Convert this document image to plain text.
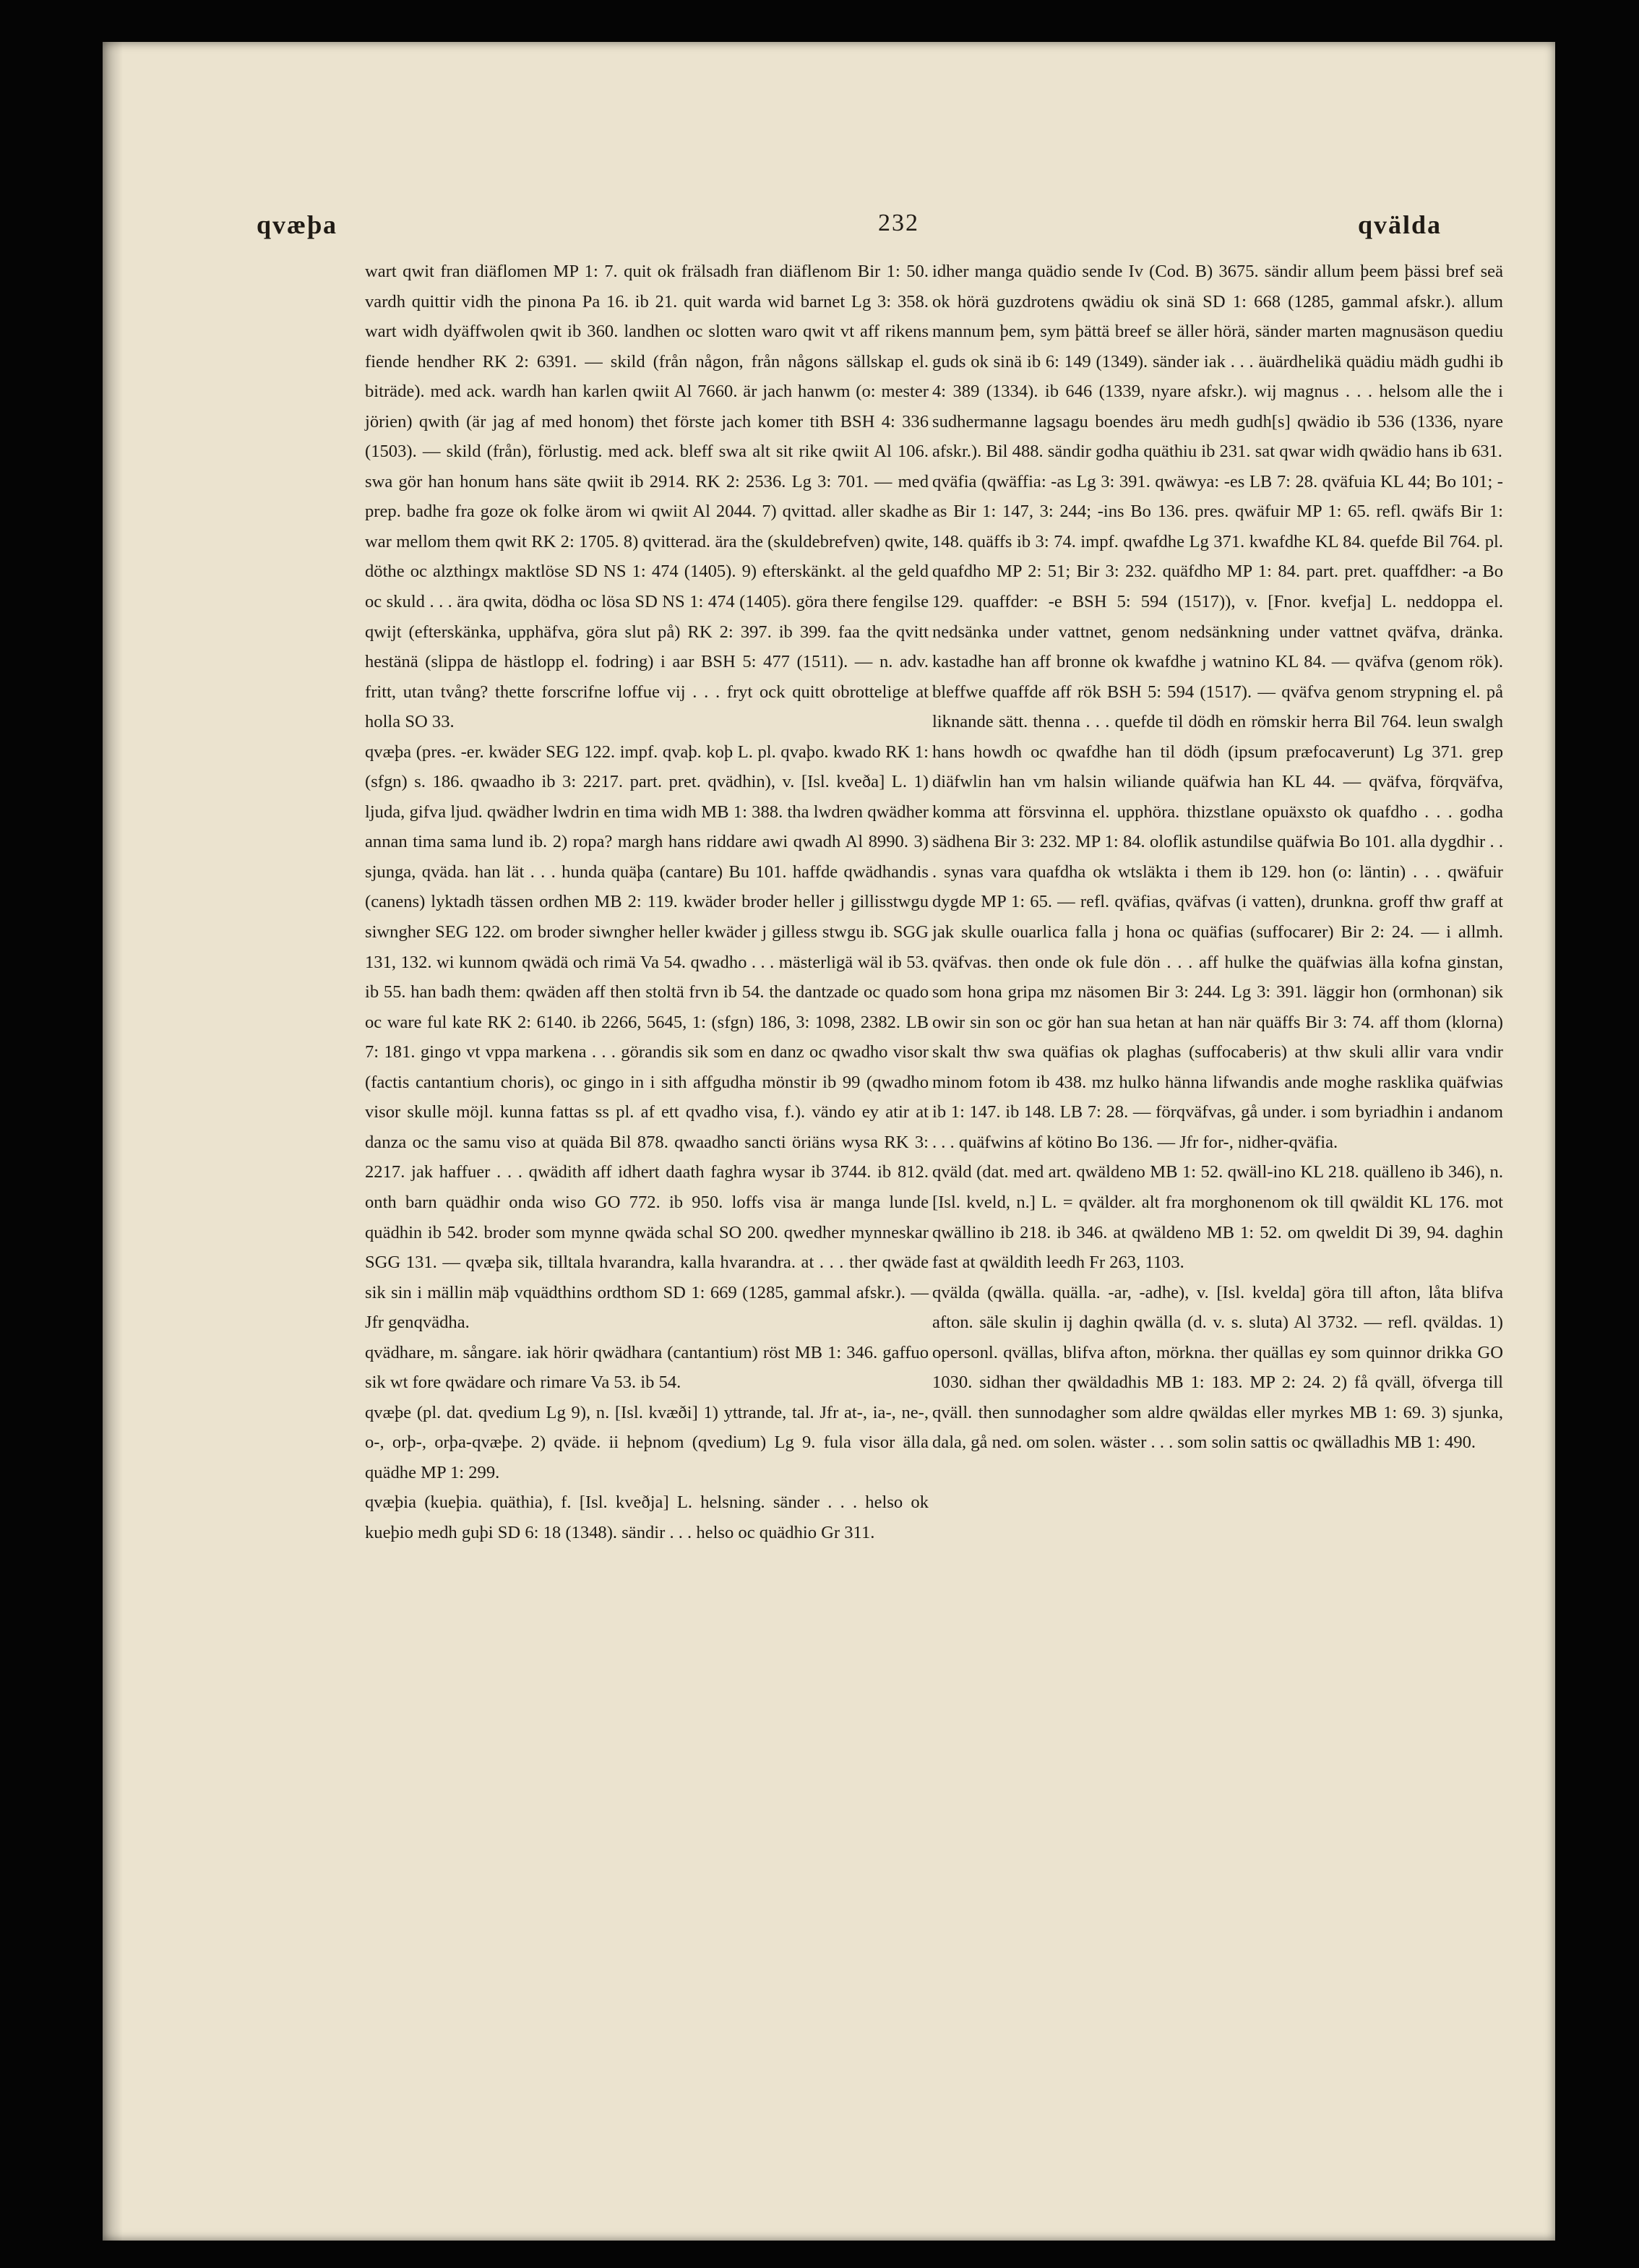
qvæþa	232	qvälda

wart qwit fran diäflomen MP 1: 7. quit ok frälsadh fran diäflenom Bir 1: 50. vardh quittir vidh the pinona Pa 16. ib 21. quit warda wid barnet Lg 3: 358. wart widh dyäffwolen qwit ib 360. landhen oc slotten waro qwit vt aff rikens fiende hendher RK 2: 6391. — skild (från någon, från någons sällskap el. biträde). med ack. wardh han karlen qwiit Al 7660. är jach hanwm (o: mester jörien) qwith (är jag af med honom) thet förste jach komer tith BSH 4: 336 (1503). — skild (från), förlustig. med ack. bleff swa alt sit rike qwiit Al 106. swa gör han honum hans säte qwiit ib 2914. RK 2: 2536. Lg 3: 701. — med prep. badhe fra goze ok folke ärom wi qwiit Al 2044. 7) qvittad. aller skadhe war mellom them qwit RK 2: 1705. 8) qvitterad. ära the (skuldebrefven) qwite, döthe oc alzthingx maktlöse SD NS 1: 474 (1405). 9) efterskänkt. al the geld oc skuld . . . ära qwita, dödha oc lösa SD NS 1: 474 (1405). göra there fengilse qwijt (efterskänka, upphäfva, göra slut på) RK 2: 397. ib 399. faa the qvitt hestänä (slippa de hästlopp el. fodring) i aar BSH 5: 477 (1511). — n. adv. fritt, utan tvång? thette forscrifne loffue vij . . . fryt ock quitt obrottelige at holla SO 33.

qvæþa (pres. -er. kwäder SEG 122. impf. qvaþ. koþ L. pl. qvaþo. kwado RK 1: (sfgn) s. 186. qwaadho ib 3: 2217. part. pret. qvädhin), v. [Isl. kveða] L. 1) ljuda, gifva ljud. qwädher lwdrin en tima widh MB 1: 388. tha lwdren qwädher annan tima sama lund ib. 2) ropa? margh hans riddare awi qwadh Al 8990. 3) sjunga, qväda. han lät . . . hunda quäþa (cantare) Bu 101. haffde qwädhandis (canens) lyktadh tässen ordhen MB 2: 119. kwäder broder heller j gillisstwgu siwngher SEG 122. om broder siwngher heller kwäder j gilless stwgu ib. SGG 131, 132. wi kunnom qwädä och rimä Va 54. qwadho . . . mästerligä wäl ib 53. ib 55. han badh them: qwäden aff then stoltä frvn ib 54. the dantzade oc quado oc ware ful kate RK 2: 6140. ib 2266, 5645, 1: (sfgn) 186, 3: 1098, 2382. LB 7: 181. gingo vt vppa markena . . . görandis sik som en danz oc qwadho visor (factis cantantium choris), oc gingo in i sith affgudha mönstir ib 99 (qwadho visor skulle möjl. kunna fattas ss pl. af ett qvadho visa, f.). vändo ey atir at danza oc the samu viso at quäda Bil 878. qwaadho sancti öriäns wysa RK 3: 2217. jak haffuer . . . qwädith aff idhert daath faghra wysar ib 3744. ib 812. onth barn quädhir onda wiso GO 772. ib 950. loffs visa är manga lunde quädhin ib 542. broder som mynne qwäda schal SO 200. qwedher mynneskar SGG 131. — qvæþa sik, tilltala hvarandra, kalla hvarandra. at . . . ther qwäde sik sin i mällin mäþ vquädthins ordthom SD 1: 669 (1285, gammal afskr.). — Jfr genqvädha.

qvädhare, m. sångare. iak hörir qwädhara (cantantium) röst MB 1: 346. gaffuo sik wt fore qwädare och rimare Va 53. ib 54.

qvæþe (pl. dat. qvedium Lg 9), n. [Isl. kvæði] 1) yttrande, tal. Jfr at-, ia-, ne-, o-, orþ-, orþa-qvæþe. 2) qväde. ii heþnom (qvedium) Lg 9. fula visor älla quädhe MP 1: 299.

qvæþia (kueþia. quäthia), f. [Isl. kveðja] L. helsning. sänder . . . helso ok kueþio medh guþi SD 6: 18 (1348). sändir . . . helso oc quädhio Gr 311.

idher manga quädio sende Iv (Cod. B) 3675. sändir allum þeem þässi bref seä ok hörä guzdrotens qwädiu ok sinä SD 1: 668 (1285, gammal afskr.). allum mannum þem, sym þättä breef se äller hörä, sänder marten magnusäson quediu guds ok sinä ib 6: 149 (1349). sänder iak . . . äuärdhelikä quädiu mädh gudhi ib 4: 389 (1334). ib 646 (1339, nyare afskr.). wij magnus . . . helsom alle the i sudhermanne lagsagu boendes äru medh gudh[s] qwädio ib 536 (1336, nyare afskr.). Bil 488. sändir godha quäthiu ib 231. sat qwar widh qwädio hans ib 631.

qväfia (qwäffia: -as Lg 3: 391. qwäwya: -es LB 7: 28. qväfuia KL 44; Bo 101; -as Bir 1: 147, 3: 244; -ins Bo 136. pres. qwäfuir MP 1: 65. refl. qwäfs Bir 1: 148. quäffs ib 3: 74. impf. qwafdhe Lg 371. kwafdhe KL 84. quefde Bil 764. pl. quafdho MP 2: 51; Bir 3: 232. quäfdho MP 1: 84. part. pret. quaffdher: -a Bo 129. quaffder: -e BSH 5: 594 (1517)), v. [Fnor. kvefja] L. neddoppa el. nedsänka under vattnet, genom nedsänkning under vattnet qväfva, dränka. kastadhe han aff bronne ok kwafdhe j watnino KL 84. — qväfva (genom rök). bleffwe quaffde aff rök BSH 5: 594 (1517). — qväfva genom strypning el. på liknande sätt. thenna . . . quefde til dödh en römskir herra Bil 764. leun swalgh hans howdh oc qwafdhe han til dödh (ipsum præfocaverunt) Lg 371. grep diäfwlin han vm halsin wiliande quäfwia han KL 44. — qväfva, förqväfva, komma att försvinna el. upphöra. thizstlane opuäxsto ok quafdho . . . godha sädhena Bir 3: 232. MP 1: 84. oloflik astundilse quäfwia Bo 101. alla dygdhir . . . synas vara quafdha ok wtsläkta i them ib 129. hon (o: läntin) . . . qwäfuir dygde MP 1: 65. — refl. qväfias, qväfvas (i vatten), drunkna. groff thw graff at jak skulle ouarlica falla j hona oc quäfias (suffocarer) Bir 2: 24. — i allmh. qväfvas. then onde ok fule dön . . . aff hulke the quäfwias älla kofna ginstan, som hona gripa mz näsomen Bir 3: 244. Lg 3: 391. läggir hon (ormhonan) sik owir sin son oc gör han sua hetan at han när quäffs Bir 3: 74. aff thom (klorna) skalt thw swa quäfias ok plaghas (suffocaberis) at thw skuli allir vara vndir minom fotom ib 438. mz hulko hänna lifwandis ande moghe rasklika quäfwias ib 1: 147. ib 148. LB 7: 28. — förqväfvas, gå under. i som byriadhin i andanom . . . quäfwins af kötino Bo 136. — Jfr for-, nidher-qväfia.

qväld (dat. med art. qwäldeno MB 1: 52. qwäll-ino KL 218. quälleno ib 346), n. [Isl. kveld, n.] L. = qvälder. alt fra morghonenom ok till qwäldit KL 176. mot qwällino ib 218. ib 346. at qwäldeno MB 1: 52. om qweldit Di 39, 94. daghin fast at qwäldith leedh Fr 263, 1103.

qvälda (qwälla. quälla. -ar, -adhe), v. [Isl. kvelda] göra till afton, låta blifva afton. säle skulin ij daghin qwälla (d. v. s. sluta) Al 3732. — refl. qväldas. 1) opersonl. qvällas, blifva afton, mörkna. ther quällas ey som quinnor drikka GO 1030. sidhan ther qwäldadhis MB 1: 183. MP 2: 24. 2) få qväll, öfverga till qväll. then sunnodagher som aldre qwäldas eller myrkes MB 1: 69. 3) sjunka, dala, gå ned. om solen. wäster . . . som solin sattis oc qwälladhis MB 1: 490.
